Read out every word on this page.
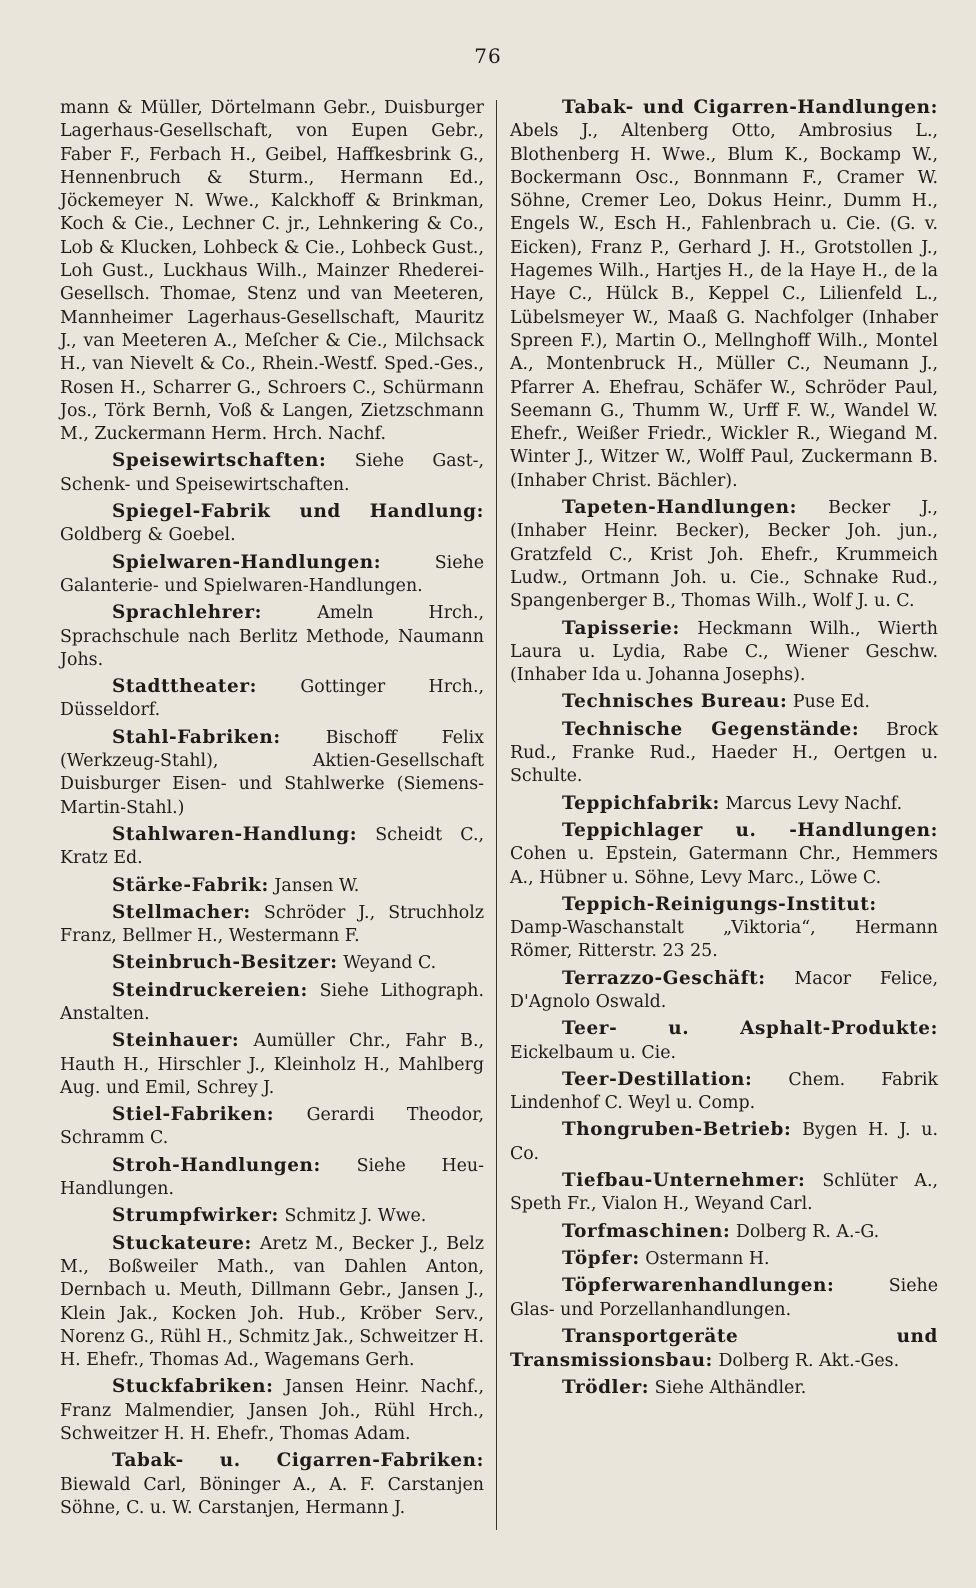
76

mann & Müller, Dörtelmann Gebr., Duisburger Lagerhaus-Gesellschaft, von Eupen Gebr., Faber F., Ferbach H., Geibel, Haffkesbrink G., Hennenbruch & Sturm., Hermann Ed., Jöckemeyer N. Wwe., Kalckhoff & Brinkman, Koch & Cie., Lechner C. jr., Lehnkering & Co., Lob & Klucken, Lohbeck & Cie., Lohbeck Gust., Loh Gust., Luckhaus Wilh., Mainzer Rhederei-Gesellsch. Thomae, Stenz und van Meeteren, Mannheimer Lagerhaus-Gesellschaft, Mauritz J., van Meeteren A., Meſcher & Cie., Milchsack H., van Nievelt & Co., Rhein.-Westf. Sped.-Ges., Rosen H., Scharrer G., Schroers C., Schürmann Jos., Törk Bernh, Voß & Langen, Zietzschmann M., Zuckermann Herm. Hrch. Nachf.

Speisewirtschaften: Siehe Gast-, Schenk- und Speisewirtschaften.

Spiegel-Fabrik und Handlung: Goldberg & Goebel.

Spielwaren-Handlungen:	Siehe Galanterie- und Spielwaren-Handlungen.

Sprachlehrer:	Ameln Hrch., Sprachschule nach Berlitz Methode, Naumann Johs.

Stadttheater: Gottinger Hrch., Düsseldorf.

Stahl-Fabriken:	Bischoff Felix (Werkzeug-Stahl), Aktien-Gesellschaft Duisburger Eisen- und Stahlwerke (Siemens-Martin-Stahl.)

Stahlwaren-Handlung: Scheidt C., Kratz Ed.

Stärke-Fabrik: Jansen W.

Stellmacher: Schröder J., Struchholz Franz, Bellmer H., Westermann F.

Steinbruch-Besitzer: Weyand C.

Steindruckereien: Siehe Lithograph. Anstalten.

Steinhauer: Aumüller Chr., Fahr B., Hauth H., Hirschler J., Kleinholz H., Mahlberg Aug. und Emil, Schrey J.

Stiel-Fabriken: Gerardi Theodor, Schramm C.

Stroh-Handlungen: Siehe Heu-Handlungen.

Strumpfwirker: Schmitz J. Wwe.

Stuckateure: Aretz M., Becker J., Belz M., Boßweiler Math., van Dahlen Anton, Dernbach u. Meuth, Dillmann Gebr., Jansen J., Klein Jak., Kocken Joh. Hub., Kröber Serv., Norenz G., Rühl H., Schmitz Jak., Schweitzer H. H. Ehefr., Thomas Ad., Wagemans Gerh.

Stuckfabriken: Jansen Heinr. Nachf., Franz Malmendier, Jansen Joh., Rühl Hrch., Schweitzer H. H. Ehefr., Thomas Adam.

Tabak- u. Cigarren-Fabriken: Biewald Carl, Böninger A., A. F. Carstanjen Söhne, C. u. W. Carstanjen, Hermann J.

Tabak- und Cigarren-Handlungen: Abels J., Altenberg Otto, Ambrosius L., Blothenberg H. Wwe., Blum K., Bockamp W., Bockermann Osc., Bonnmann F., Cramer W. Söhne, Cremer Leo, Dokus Heinr., Dumm H., Engels W., Esch H., Fahlenbrach u. Cie. (G. v. Eicken), Franz P., Gerhard J. H., Grotstollen J., Hagemes Wilh., Hartjes H., de la Haye H., de la Haye C., Hülck B., Keppel C., Lilienfeld L., Lübelsmeyer W., Maaß G. Nachfolger (Inhaber Spreen F.), Martin O., Mellnghoff Wilh., Montel A., Montenbruck H., Müller C., Neumann J., Pfarrer A. Ehefrau, Schäfer W., Schröder Paul, Seemann G., Thumm W., Urff F. W., Wandel W. Ehefr., Weißer Friedr., Wickler R., Wiegand M. Winter J., Witzer W., Wolff Paul, Zuckermann B. (Inhaber Christ. Bächler).

Tapeten-Handlungen: Becker J., (Inhaber Heinr. Becker), Becker Joh. jun., Gratzfeld C., Krist Joh. Ehefr., Krummeich Ludw., Ortmann Joh. u. Cie., Schnake Rud., Spangenberger B., Thomas Wilh., Wolf J. u. C.

Tapisserie: Heckmann Wilh., Wierth Laura u. Lydia, Rabe C., Wiener Geschw. (Inhaber Ida u. Johanna Josephs).

Technisches Bureau: Puse Ed.

Technische Gegenstände: Brock Rud., Franke Rud., Haeder H., Oertgen u. Schulte.

Teppichfabrik: Marcus Levy Nachf.

Teppichlager u. -Handlungen: Cohen u. Epstein, Gatermann Chr., Hemmers A., Hübner u. Söhne, Levy Marc., Löwe C.

Teppich-Reinigungs-Institut: Damp-Waschanstalt „Viktoria“, Hermann Römer, Ritterstr. 23 25.

Terrazzo-Geschäft: Macor Felice, D'Agnolo Oswald.

Teer- u. Asphalt-Produkte: Eickelbaum u. Cie.

Teer-Destillation: Chem. Fabrik Lindenhof C. Weyl u. Comp.

Thongruben-Betrieb: Bygen H. J. u. Co.

Tiefbau-Unternehmer: Schlüter A., Speth Fr., Vialon H., Weyand Carl.

Torfmaschinen: Dolberg R. A.-G.

Töpfer: Ostermann H.

Töpferwarenhandlungen:	Siehe Glas- und Porzellanhandlungen.

Transportgeräte und Transmissionsbau: Dolberg R. Akt.-Ges.

Trödler: Siehe Althändler.
